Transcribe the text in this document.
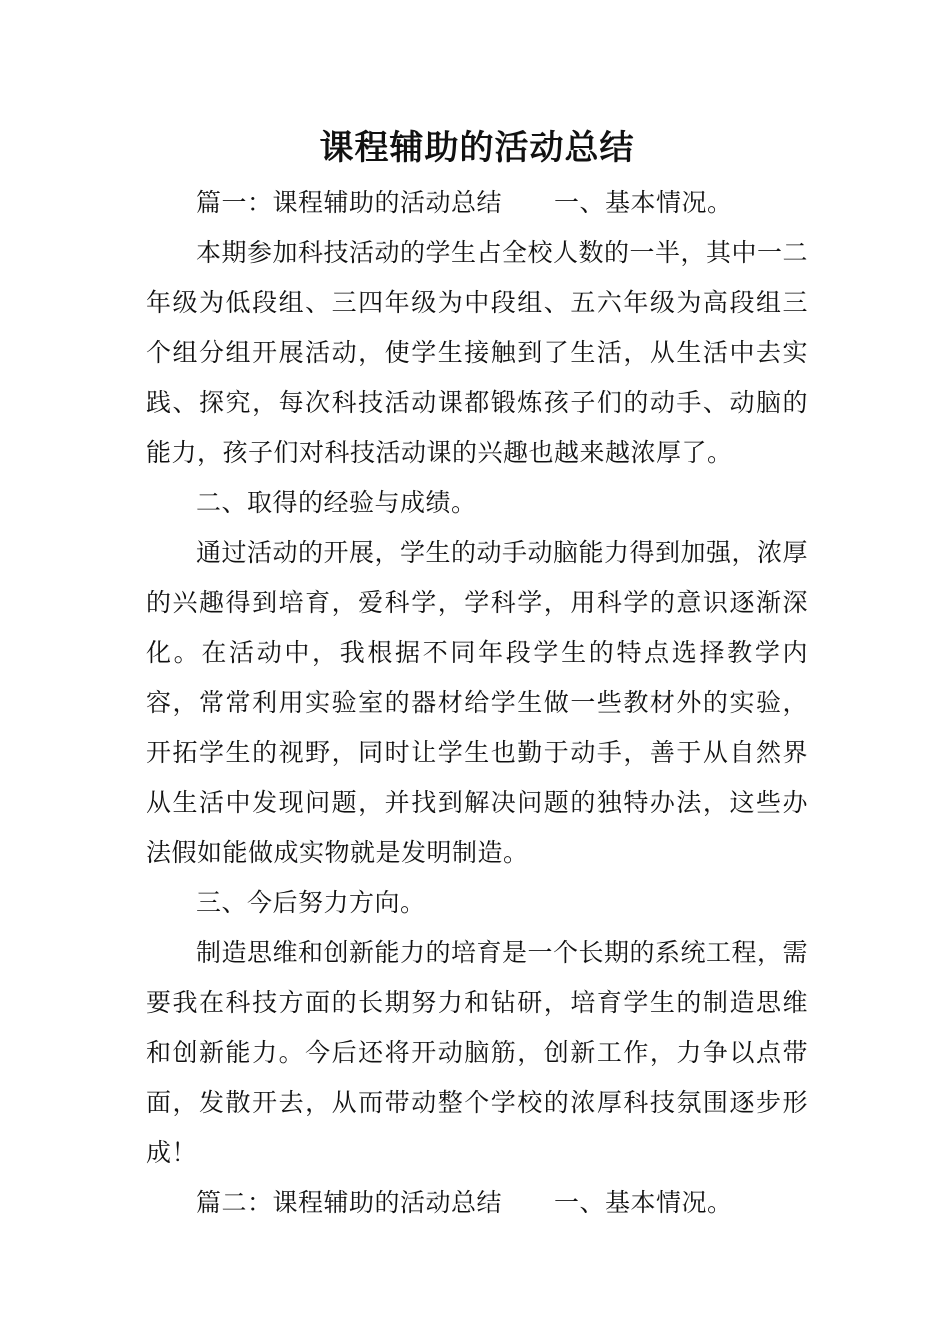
课程辅助的活动总结

篇一：课程辅助的活动总结 一、基本情况。

本期参加科技活动的学生占全校人数的一半，其中一二年级为低段组、三四年级为中段组、五六年级为高段组三个组分组开展活动，使学生接触到了生活，从生活中去实践、探究，每次科技活动课都锻炼孩子们的动手、动脑的能力，孩子们对科技活动课的兴趣也越来越浓厚了。

二、取得的经验与成绩。

通过活动的开展，学生的动手动脑能力得到加强，浓厚的兴趣得到培育，爱科学，学科学，用科学的意识逐渐深化。在活动中，我根据不同年段学生的特点选择教学内容，常常利用实验室的器材给学生做一些教材外的实验，开拓学生的视野，同时让学生也勤于动手，善于从自然界从生活中发现问题，并找到解决问题的独特办法，这些办法假如能做成实物就是发明制造。

三、今后努力方向。

制造思维和创新能力的培育是一个长期的系统工程，需要我在科技方面的长期努力和钻研，培育学生的制造思维和创新能力。今后还将开动脑筋，创新工作，力争以点带面，发散开去，从而带动整个学校的浓厚科技氛围逐步形成！

篇二：课程辅助的活动总结 一、基本情况。
